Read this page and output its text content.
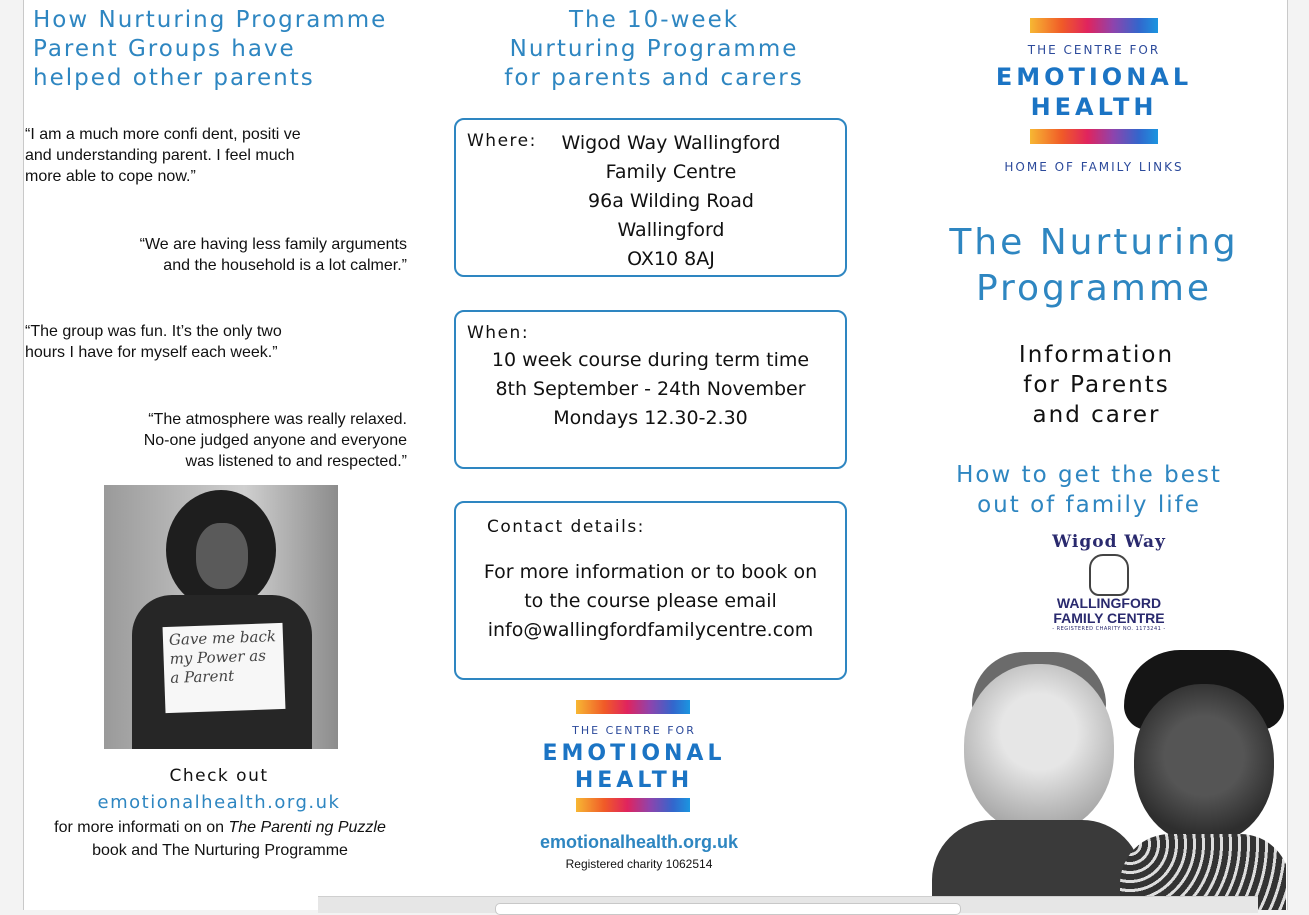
How Nurturing Programme
Parent Groups have
helped other parents
“I am a much more confi dent, positi ve
and understanding parent. I feel much
more able to cope now.”
“We are having less family arguments
and the household is a lot calmer.”
“The group was fun. It’s the only two
hours I have for myself each week.”
“The atmosphere was really relaxed.
No-one judged anyone and everyone
was listened to and respected.”
Gave me back
my Power as
a Parent
Check out
emotionalhealth.org.uk
for more informati on on The Parenti ng Puzzle
book and The Nurturing Programme
The 10-week
Nurturing Programme
for parents and carers
Where:	Wigod Way Wallingford
Family Centre
96a Wilding Road
Wallingford
OX10 8AJ
When:
10 week course during term time
8th September - 24th November
Mondays 12.30-2.30
Contact details:
For more information or to book on
to the course please email
info@wallingfordfamilycentre.com
THE CENTRE FOR
EMOTIONAL
HEALTH
emotionalhealth.org.uk
Registered charity 1062514
THE CENTRE FOR
EMOTIONAL
HEALTH
HOME OF FAMILY LINKS
The Nurturing
Programme
Information
for Parents
and carer
How to get the best
out of family life
Wigod Way
WALLINGFORD
FAMILY CENTRE
- REGISTERED CHARITY NO. 1173241 -
